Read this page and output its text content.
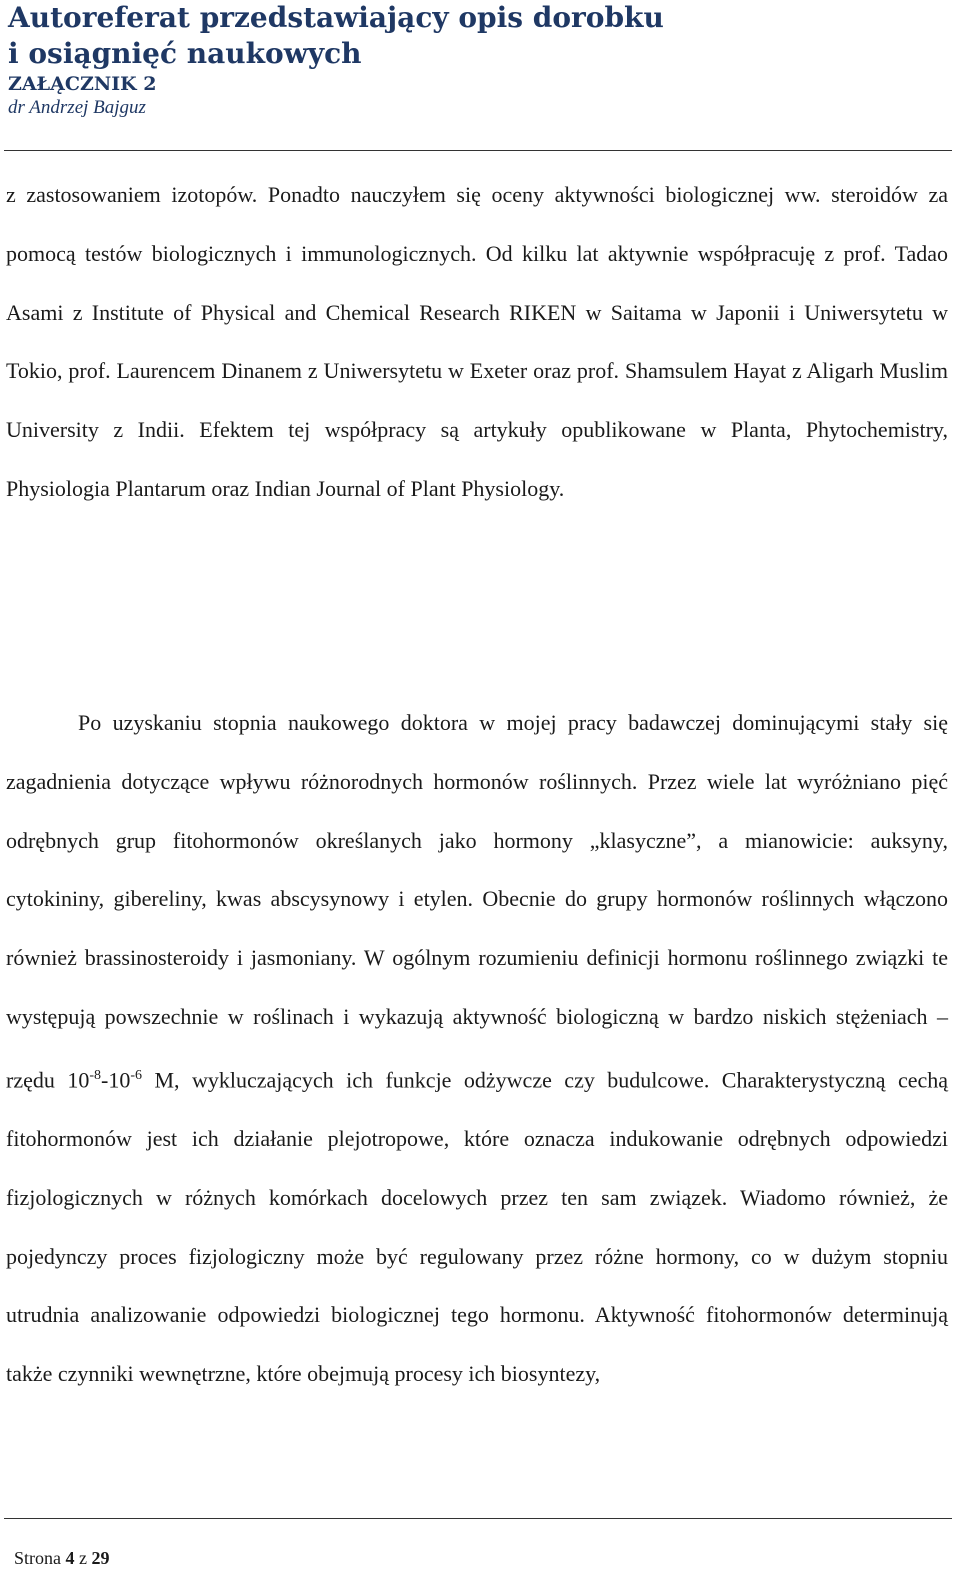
Autoreferat przedstawiający opis dorobku
i osiągnięć naukowych
ZAŁĄCZNIK 2
dr Andrzej Bajguz

z zastosowaniem izotopów. Ponadto nauczyłem się oceny aktywności biologicznej ww. steroidów za pomocą testów biologicznych i immunologicznych. Od kilku lat aktywnie współpracuję z prof. Tadao Asami z Institute of Physical and Chemical Research RIKEN w Saitama w Japonii i Uniwersytetu w Tokio, prof. Laurencem Dinanem z Uniwersytetu w Exeter oraz prof. Shamsulem Hayat z Aligarh Muslim University z Indii. Efektem tej współpracy są artykuły opublikowane w Planta, Phytochemistry, Physiologia Plantarum oraz Indian Journal of Plant Physiology.

Po uzyskaniu stopnia naukowego doktora w mojej pracy badawczej dominującymi stały się zagadnienia dotyczące wpływu różnorodnych hormonów roślinnych. Przez wiele lat wyróżniano pięć odrębnych grup fitohormonów określanych jako hormony „klasyczne”, a mianowicie: auksyny, cytokininy, gibereliny, kwas abscysynowy i etylen. Obecnie do grupy hormonów roślinnych włączono również brassinosteroidy i jasmoniany. W ogólnym rozumieniu definicji hormonu roślinnego związki te występują powszechnie w roślinach i wykazują aktywność biologiczną w bardzo niskich stężeniach – rzędu $10^{-8}-10^{-6}$ M, wykluczających ich funkcje odżywcze czy budulcowe. Charakterystyczną cechą fitohormonów jest ich działanie plejotropowe, które oznacza indukowanie odrębnych odpowiedzi fizjologicznych w różnych komórkach docelowych przez ten sam związek. Wiadomo również, że pojedynczy proces fizjologiczny może być regulowany przez różne hormony, co w dużym stopniu utrudnia analizowanie odpowiedzi biologicznej tego hormonu. Aktywność fitohormonów determinują także czynniki wewnętrzne, które obejmują procesy ich biosyntezy,

Strona 4 z 29
